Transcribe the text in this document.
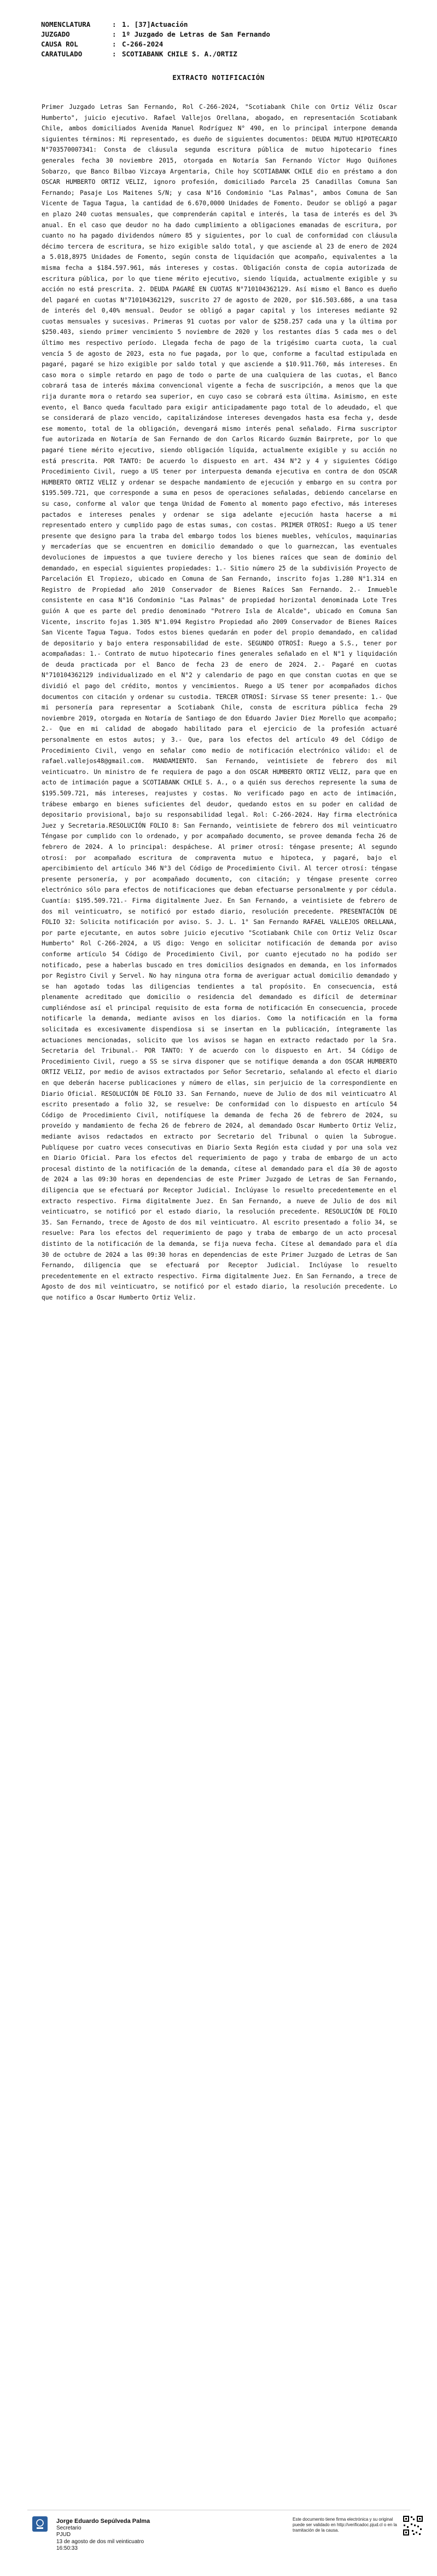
NOMENCLATURA	: 1. [37]Actuación
JUZGADO	: 1º Juzgado de Letras de San Fernando
CAUSA ROL	: C-266-2024
CARATULADO	: SCOTIABANK CHILE S. A./ORTIZ
EXTRACTO NOTIFICACIÓN

Primer Juzgado Letras San Fernando, Rol C-266-2024, "Scotiabank Chile con Ortiz Véliz Oscar Humberto", juicio ejecutivo. Rafael Vallejos Orellana, abogado, en representación Scotiabank Chile, ambos domiciliados Avenida Manuel Rodríguez N° 490, en lo principal interpone demanda siguientes términos: Mi representado, es dueño de siguientes documentos: DEUDA MUTUO HIPOTECARIO N°703570007341: Consta de cláusula segunda escritura pública de mutuo hipotecario fines generales fecha 30 noviembre 2015, otorgada en Notaría San Fernando Víctor Hugo Quiñones Sobarzo, que Banco Bilbao Vizcaya Argentaria, Chile hoy SCOTIABANK CHILE dio en préstamo a don OSCAR HUMBERTO ORTIZ VELIZ, ignoro profesión, domiciliado Parcela 25 Canadillas Comuna San Fernando; Pasaje Los Maitenes S/N; y casa N°16 Condominio "Las Palmas", ambos Comuna de San Vicente de Tagua Tagua, la cantidad de 6.670,0000 Unidades de Fomento. Deudor se obligó a pagar en plazo 240 cuotas mensuales, que comprenderán capital e interés, la tasa de interés es del 3% anual. En el caso que deudor no ha dado cumplimiento a obligaciones emanadas de escritura, por cuanto no ha pagado dividendos número 85 y siguientes, por lo cual de conformidad con cláusula décimo tercera de escritura, se hizo exigible saldo total, y que asciende al 23 de enero de 2024 a 5.018,8975 Unidades de Fomento, según consta de liquidación que acompaño, equivalentes a la misma fecha a $184.597.961, más intereses y costas. Obligación consta de copia autorizada de escritura pública, por lo que tiene mérito ejecutivo, siendo líquida, actualmente exigible y su acción no está prescrita. 2. DEUDA PAGARÉ EN CUOTAS N°710104362129. Así mismo el Banco es dueño del pagaré en cuotas N°710104362129, suscrito 27 de agosto de 2020, por $16.503.686, a una tasa de interés del 0,40% mensual. Deudor se obligó a pagar capital y los intereses mediante 92 cuotas mensuales y sucesivas. Primeras 91 cuotas por valor de $258.257 cada una y la última por $250.403, siendo primer vencimiento 5 noviembre de 2020 y los restantes días 5 cada mes o del último mes respectivo período. Llegada fecha de pago de la trigésimo cuarta cuota, la cual vencía 5 de agosto de 2023, esta no fue pagada, por lo que, conforme a facultad estipulada en pagaré, pagaré se hizo exigible por saldo total y que asciende a $10.911.760, más intereses. En caso mora o simple retardo en pago de todo o parte de una cualquiera de las cuotas, el Banco cobrará tasa de interés máxima convencional vigente a fecha de suscripción, a menos que la que rija durante mora o retardo sea superior, en cuyo caso se cobrará esta última. Asimismo, en este evento, el Banco queda facultado para exigir anticipadamente pago total de lo adeudado, el que se considerará de plazo vencido, capitalizándose intereses devengados hasta esa fecha y, desde ese momento, total de la obligación, devengará mismo interés penal señalado. Firma suscriptor fue autorizada en Notaría de San Fernando de don Carlos Ricardo Guzmán Bairprete, por lo que pagaré tiene mérito ejecutivo, siendo obligación líquida, actualmente exigible y su acción no está prescrita. POR TANTO: De acuerdo lo dispuesto en art. 434 N°2 y 4 y siguientes Código Procedimiento Civil, ruego a US tener por interpuesta demanda ejecutiva en contra de don OSCAR HUMBERTO ORTIZ VELIZ y ordenar se despache mandamiento de ejecución y embargo en su contra por $195.509.721, que corresponde a suma en pesos de operaciones señaladas, debiendo cancelarse en su caso, conforme al valor que tenga Unidad de Fomento al momento pago efectivo, más intereses pactados e intereses penales y ordenar se siga adelante ejecución hasta hacerse a mi representado entero y cumplido pago de estas sumas, con costas. PRIMER OTROSÍ: Ruego a US tener presente que designo para la traba del embargo todos los bienes muebles, vehículos, maquinarias y mercaderías que se encuentren en domicilio demandado o que lo guarnezcan, las eventuales devoluciones de impuestos a que tuviere derecho y los bienes raíces que sean de dominio del demandado, en especial siguientes propiedades: 1.- Sitio número 25 de la subdivisión Proyecto de Parcelación El Tropiezo, ubicado en Comuna de San Fernando, inscrito fojas 1.280 N°1.314 en Registro de Propiedad año 2010 Conservador de Bienes Raíces San Fernando. 2.- Inmueble consistente en casa N°16 Condominio "Las Palmas" de propiedad horizontal denominada Lote Tres guión A que es parte del predio denominado "Potrero Isla de Alcalde", ubicado en Comuna San Vicente, inscrito fojas 1.305 N°1.094 Registro Propiedad año 2009 Conservador de Bienes Raíces San Vicente Tagua Tagua. Todos estos bienes quedarán en poder del propio demandado, en calidad de depositario y bajo entera responsabilidad de este. SEGUNDO OTROSÍ: Ruego a S.S., tener por acompañadas: 1.- Contrato de mutuo hipotecario fines generales señalado en el N°1 y liquidación de deuda practicada por el Banco de fecha 23 de enero de 2024. 2.- Pagaré en cuotas N°710104362129 individualizado en el N°2 y calendario de pago en que constan cuotas en que se dividió el pago del crédito, montos y vencimientos. Ruego a US tener por acompañados dichos documentos con citación y ordenar su custodia. TERCER OTROSÍ: Sírvase SS tener presente: 1.- Que mi personería para representar a Scotiabank Chile, consta de escritura pública fecha 29 noviembre 2019, otorgada en Notaría de Santiago de don Eduardo Javier Diez Morello que acompaño; 2.- Que en mi calidad de abogado habilitado para el ejercicio de la profesión actuaré personalmente en estos autos; y 3.- Que, para los efectos del artículo 49 del Código de Procedimiento Civil, vengo en señalar como medio de notificación electrónico válido: el de rafael.vallejos48@gmail.com. MANDAMIENTO. San Fernando, veintisiete de febrero dos mil veinticuatro. Un ministro de fe requiera de pago a don OSCAR HUMBERTO ORTIZ VELIZ, para que en acto de intimación pague a SCOTIABANK CHILE S. A., o a quién sus derechos represente la suma de $195.509.721, más intereses, reajustes y costas. No verificado pago en acto de intimación, trábese embargo en bienes suficientes del deudor, quedando estos en su poder en calidad de depositario provisional, bajo su responsabilidad legal. Rol: C-266-2024. Hay firma electrónica Juez y Secretaria.RESOLUCIÓN FOLIO 8: San Fernando, veintisiete de febrero dos mil veinticuatro Téngase por cumplido con lo ordenado, y por acompañado documento, se provee demanda fecha 26 de febrero de 2024. A lo principal: despáchese. Al primer otrosí: téngase presente; Al segundo otrosí: por acompañado escritura de compraventa mutuo e hipoteca, y pagaré, bajo el apercibimiento del artículo 346 N°3 del Código de Procedimiento Civil. Al tercer otrosí: téngase presente personería, y por acompañado documento, con citación; y téngase presente correo electrónico sólo para efectos de notificaciones que deban efectuarse personalmente y por cédula. Cuantía: $195.509.721.- Firma digitalmente Juez. En San Fernando, a veintisiete de febrero de dos mil veinticuatro, se notificó por estado diario, resolución precedente. PRESENTACIÓN DE FOLIO 32: Solicita notificación por aviso. S. J. L. 1° San Fernando RAFAEL VALLEJOS ORELLANA, por parte ejecutante, en autos sobre juicio ejecutivo "Scotiabank Chile con Ortiz Veliz Oscar Humberto" Rol C-266-2024, a US digo: Vengo en solicitar notificación de demanda por aviso conforme artículo 54 Código de Procedimiento Civil, por cuanto ejecutado no ha podido ser notificado, pese a haberlas buscado en tres domicilios designados en demanda, en los informados por Registro Civil y Servel. No hay ninguna otra forma de averiguar actual domicilio demandado y se han agotado todas las diligencias tendientes a tal propósito. En consecuencia, está plenamente acreditado que domicilio o residencia del demandado es difícil de determinar cumpliéndose así el principal requisito de esta forma de notificación En consecuencia, procede notificarle la demanda, mediante avisos en los diarios. Como la notificación en la forma solicitada es excesivamente dispendiosa si se insertan en la publicación, íntegramente las actuaciones mencionadas, solicito que los avisos se hagan en extracto redactado por la Sra. Secretaria del Tribunal.- POR TANTO: Y de acuerdo con lo dispuesto en Art. 54 Código de Procedimiento Civil, ruego a SS se sirva disponer que se notifique demanda a don OSCAR HUMBERTO ORTIZ VELIZ, por medio de avisos extractados por Señor Secretario, señalando al efecto el diario en que deberán hacerse publicaciones y número de ellas, sin perjuicio de la correspondiente en Diario Oficial. RESOLUCIÓN DE FOLIO 33. San Fernando, nueve de Julio de dos mil veinticuatro Al escrito presentado a folio 32, se resuelve: De conformidad con lo dispuesto en artículo 54 Código de Procedimiento Civil, notifíquese la demanda de fecha 26 de febrero de 2024, su proveído y mandamiento de fecha 26 de febrero de 2024, al demandado Oscar Humberto Ortiz Veliz, mediante avisos redactados en extracto por Secretario del Tribunal o quien la Subrogue. Publíquese por cuatro veces consecutivas en Diario Sexta Región esta ciudad y por una sola vez en Diario Oficial. Para los efectos del requerimiento de pago y traba de embargo de un acto procesal distinto de la notificación de la demanda, cítese al demandado para el día 30 de agosto de 2024 a las 09:30 horas en dependencias de este Primer Juzgado de Letras de San Fernando, diligencia que se efectuará por Receptor Judicial. Inclúyase lo resuelto precedentemente en el extracto respectivo. Firma digitalmente Juez. En San Fernando, a nueve de Julio de dos mil veinticuatro, se notificó por el estado diario, la resolución precedente. RESOLUCIÓN DE FOLIO 35. San Fernando, trece de Agosto de dos mil veinticuatro. Al escrito presentado a folio 34, se resuelve: Para los efectos del requerimiento de pago y traba de embargo de un acto procesal distinto de la notificación de la demanda, se fija nueva fecha. Cítese al demandado para el día 30 de octubre de 2024 a las 09:30 horas en dependencias de este Primer Juzgado de Letras de San Fernando, diligencia que se efectuará por Receptor Judicial. Inclúyase lo resuelto precedentemente en el extracto respectivo. Firma digitalmente Juez. En San Fernando, a trece de Agosto de dos mil veinticuatro, se notificó por el estado diario, la resolución precedente. Lo que notifico a Oscar Humberto Ortiz Veliz.

Jorge Eduardo Sepúlveda Palma
Secretario
PJUD
13 de agosto de dos mil veinticuatro
16:50:33
Este documento tiene firma electrónica y su original puede ser validado en http://verificadoc.pjud.cl o en la tramitación de la causa.
